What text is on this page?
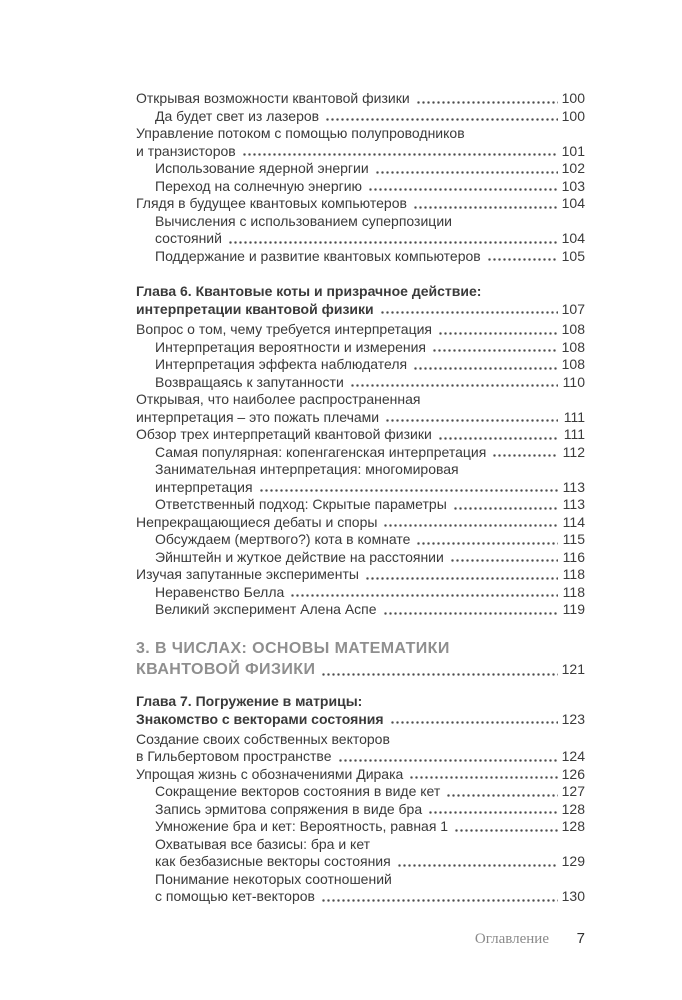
Открывая возможности квантовой физики	100
Да будет свет из лазеров	100
Управление потоком с помощью полупроводников
и транзисторов	101
Использование ядерной энергии	102
Переход на солнечную энергию	103
Глядя в будущее квантовых компьютеров	104
Вычисления с использованием суперпозиции
состояний	104
Поддержание и развитие квантовых компьютеров	105
Глава 6. Квантовые коты и призрачное действие:
интерпретации квантовой физики	107
Вопрос о том, чему требуется интерпретация	108
Интерпретация вероятности и измерения	108
Интерпретация эффекта наблюдателя	108
Возвращаясь к запутанности	110
Открывая, что наиболее распространенная
интерпретация – это пожать плечами	111
Обзор трех интерпретаций квантовой физики	111
Самая популярная: копенгагенская интерпретация	112
Занимательная интерпретация: многомировая
интерпретация	113
Ответственный подход: Скрытые параметры	113
Непрекращающиеся дебаты и споры	114
Обсуждаем (мертвого?) кота в комнате	115
Эйнштейн и жуткое действие на расстоянии	116
Изучая запутанные эксперименты	118
Неравенство Белла	118
Великий эксперимент Алена Аспе	119
3. В ЧИСЛАХ: ОСНОВЫ МАТЕМАТИКИ
КВАНТОВОЙ ФИЗИКИ	121
Глава 7. Погружение в матрицы:
Знакомство с векторами состояния	123
Создание своих собственных векторов
в Гильбертовом пространстве	124
Упрощая жизнь с обозначениями Дирака	126
Сокращение векторов состояния в виде кет	127
Запись эрмитова сопряжения в виде бра	128
Умножение бра и кет: Вероятность, равная 1	128
Охватывая все базисы: бра и кет
как безбазисные векторы состояния	129
Понимание некоторых соотношений
с помощью кет-векторов	130
Оглавление 7
